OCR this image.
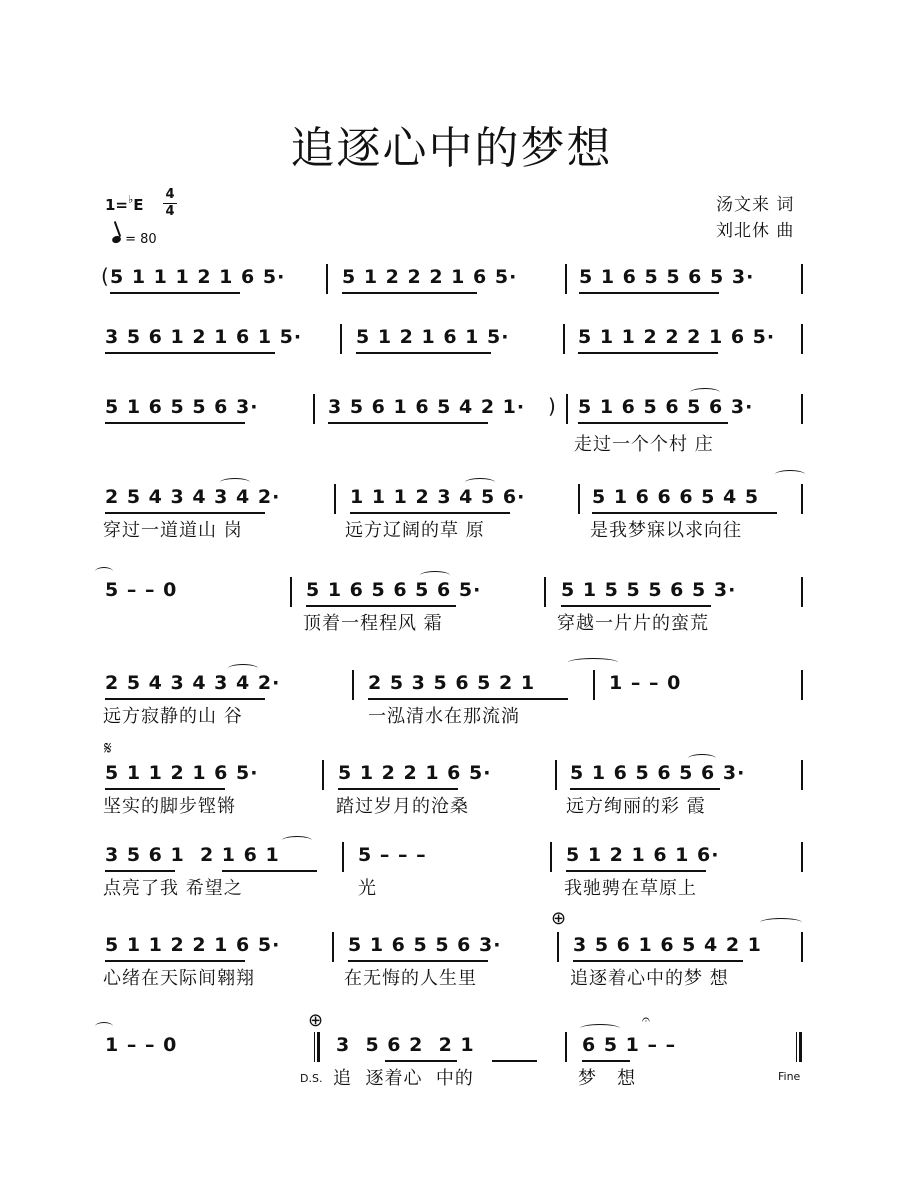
追逐心中的梦想
1=♭E
4
4
= 80
汤文来 词
刘北休 曲
( 5 1 1 1 2 1 6 5·	5 1 2 2 2 1 6 5·	5 1 6 5 5 6 5 3·
3 5 6 1 2 1 6 1 5·	5 1 2 1 6 1 5·	5 1 1 2 2 2 1 6 5·
5 1 6 5 5 6 3·	3 5 6 1 6 5 4 2 1· ) 5 1 6 5 6 5 6 3·
走过一个个村 庄
2 5 4 3 4 3 4 2·	1 1 1 2 3 4 5 6·	5 1 6 6 6 5 4 5
穿过一道道山 岗	远方辽阔的草 原	是我梦寐以求向往
5 – – 0	5 1 6 5 6 5 6 5·	5 1 5 5 5 6 5 3·
顶着一程程风 霜	穿越一片片的蛮荒
2 5 4 3 4 3 4 2·	2 5 3 5 6 5 2 1	1 – – 0
远方寂静的山 谷	一泓清水在那流淌
𝄋
5 1 1 2 1 6 5·	5 1 2 2 1 6 5·	5 1 6 5 6 5 6 3·
坚实的脚步铿锵	踏过岁月的沧桑	远方绚丽的彩 霞
3 5 6 1  2 1 6 1	5 – – –	5 1 2 1 6 1 6·
点亮了我 希望之	光	我驰骋在草原上
⊕
5 1 1 2 2 1 6 5·	5 1 6 5 5 6 3·	3 5 6 1 6 5 4 2 1
心绪在天际间翱翔	在无悔的人生里	追逐着心中的梦 想
⊕
1 – – 0	3  5 6 2  2 1	6 5 1 – –
𝄐
D.S. 追  逐着心  中的	梦   想	Fine
